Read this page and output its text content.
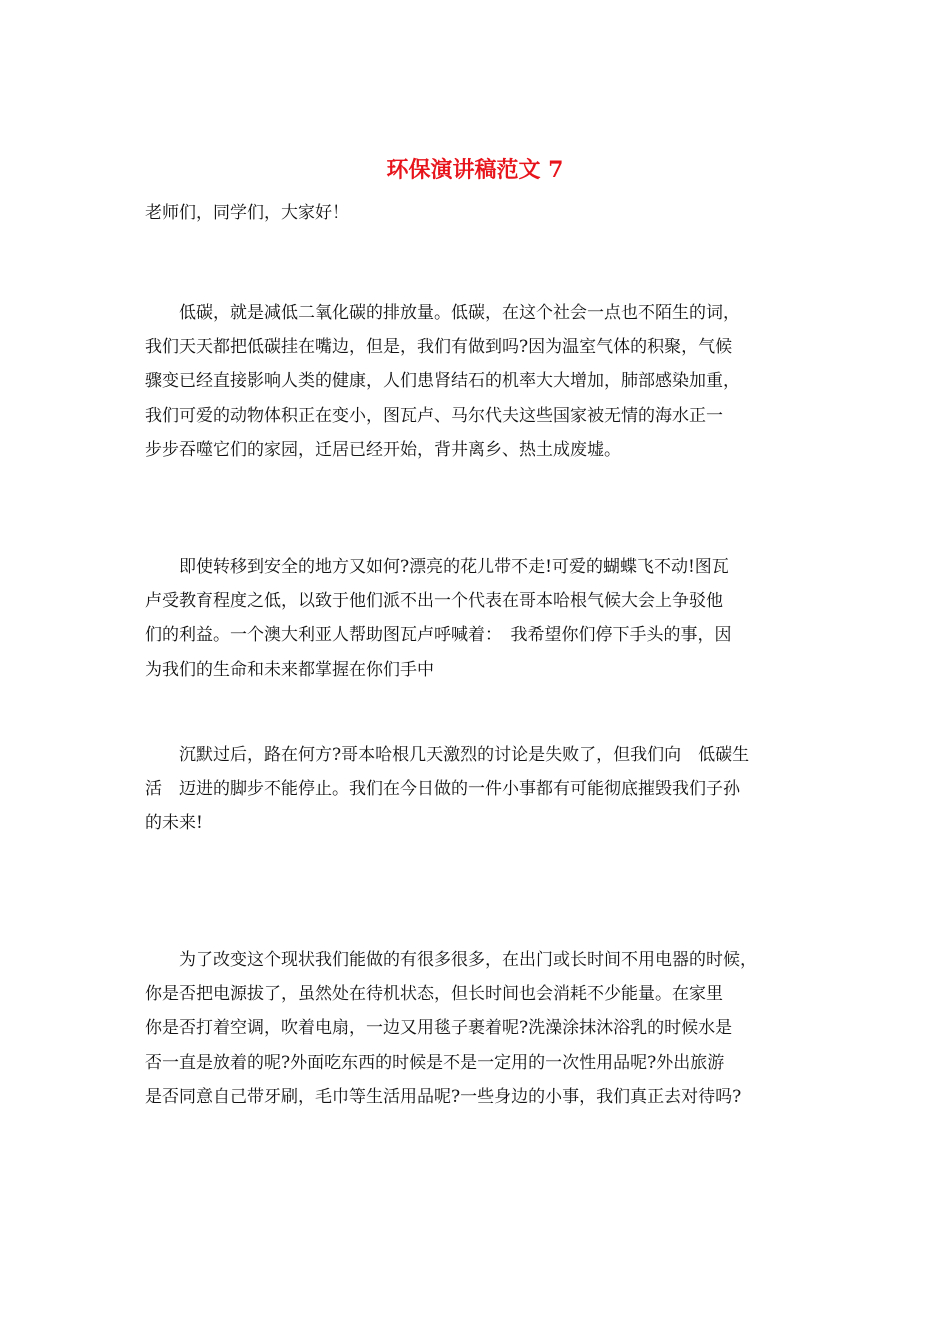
环保演讲稿范文 7

老师们，同学们，大家好！

　　低碳，就是减低二氧化碳的排放量。低碳，在这个社会一点也不陌生的词，
我们天天都把低碳挂在嘴边，但是，我们有做到吗?因为温室气体的积聚，气候
骤变已经直接影响人类的健康，人们患肾结石的机率大大增加，肺部感染加重，
我们可爱的动物体积正在变小，图瓦卢、马尔代夫这些国家被无情的海水正一
步步吞噬它们的家园，迁居已经开始，背井离乡、热土成废墟。

　　即使转移到安全的地方又如何?漂亮的花儿带不走!可爱的蝴蝶飞不动!图瓦
卢受教育程度之低，以致于他们派不出一个代表在哥本哈根气候大会上争驳他
们的利益。一个澳大利亚人帮助图瓦卢呼喊着：　我希望你们停下手头的事，因
为我们的生命和未来都掌握在你们手中

　　沉默过后，路在何方?哥本哈根几天激烈的讨论是失败了，但我们向　低碳生
活　迈进的脚步不能停止。我们在今日做的一件小事都有可能彻底摧毁我们子孙
的未来!

　　为了改变这个现状我们能做的有很多很多，在出门或长时间不用电器的时候，
你是否把电源拔了，虽然处在待机状态，但长时间也会消耗不少能量。在家里
你是否打着空调，吹着电扇，一边又用毯子裹着呢?洗澡涂抹沐浴乳的时候水是
否一直是放着的呢?外面吃东西的时候是不是一定用的一次性用品呢?外出旅游
是否同意自己带牙刷，毛巾等生活用品呢?一些身边的小事，我们真正去对待吗?
